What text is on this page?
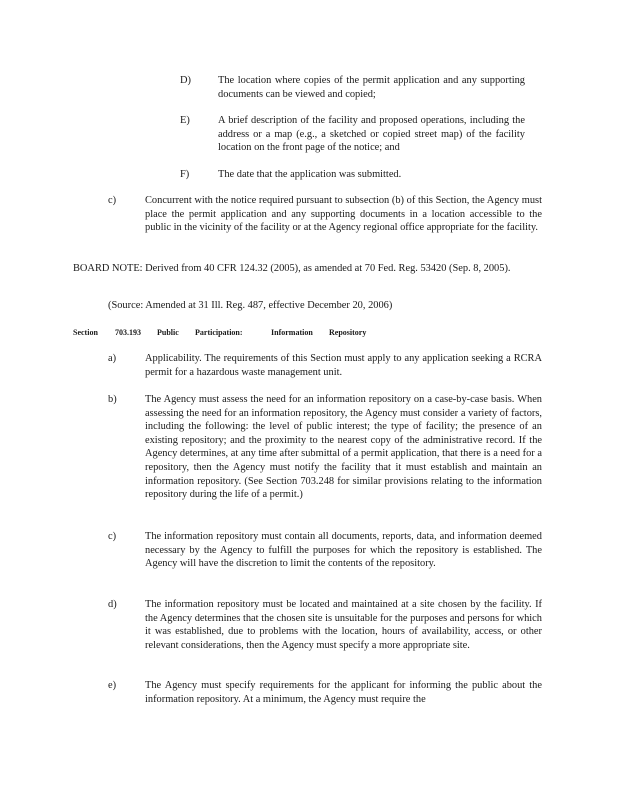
D)	The location where copies of the permit application and any supporting documents can be viewed and copied;
E)	A brief description of the facility and proposed operations, including the address or a map (e.g., a sketched or copied street map) of the facility location on the front page of the notice; and
F)	The date that the application was submitted.
c)	Concurrent with the notice required pursuant to subsection (b) of this Section, the Agency must place the permit application and any supporting documents in a location accessible to the public in the vicinity of the facility or at the Agency regional office appropriate for the facility.
BOARD NOTE: Derived from 40 CFR 124.32 (2005), as amended at 70 Fed. Reg. 53420 (Sep. 8, 2005).
(Source: Amended at 31 Ill. Reg. 487, effective December 20, 2006)
Section 703.193 Public Participation:	Information Repository
a)	Applicability. The requirements of this Section must apply to any application seeking a RCRA permit for a hazardous waste management unit.
b)	The Agency must assess the need for an information repository on a case-by-case basis. When assessing the need for an information repository, the Agency must consider a variety of factors, including the following: the level of public interest; the type of facility; the presence of an existing repository; and the proximity to the nearest copy of the administrative record. If the Agency determines, at any time after submittal of a permit application, that there is a need for a repository, then the Agency must notify the facility that it must establish and maintain an information repository. (See Section 703.248 for similar provisions relating to the information repository during the life of a permit.)
c)	The information repository must contain all documents, reports, data, and information deemed necessary by the Agency to fulfill the purposes for which the repository is established. The Agency will have the discretion to limit the contents of the repository.
d)	The information repository must be located and maintained at a site chosen by the facility. If the Agency determines that the chosen site is unsuitable for the purposes and persons for which it was established, due to problems with the location, hours of availability, access, or other relevant considerations, then the Agency must specify a more appropriate site.
e)	The Agency must specify requirements for the applicant for informing the public about the information repository. At a minimum, the Agency must require the
